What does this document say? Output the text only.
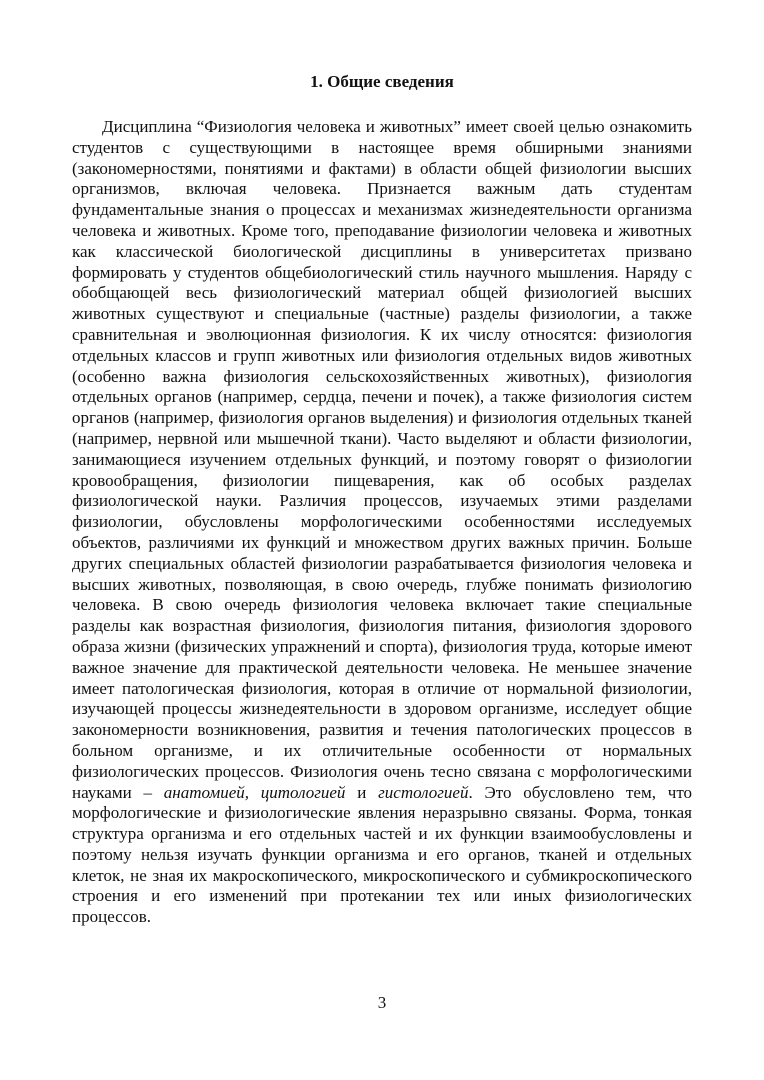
1. Общие сведения

Дисциплина “Физиология человека и животных” имеет своей целью ознакомить студентов с существующими в настоящее время обширными знаниями (закономерностями, понятиями и фактами) в области общей физиологии высших организмов, включая человека. Признается важным дать студентам фундаментальные знания о процессах и механизмах жизнедеятельности организма человека и животных. Кроме того, преподавание физиологии человека и животных как классической биологической дисциплины в университетах призвано формировать у студентов общебиологический стиль научного мышления. Наряду с обобщающей весь физиологический материал общей физиологией высших животных существуют и специальные (частные) разделы физиологии, а также сравнительная и эволюционная физиология. К их числу относятся: физиология отдельных классов и групп животных или физиология отдельных видов животных (особенно важна физиология сельскохозяйственных животных), физиология отдельных органов (например, сердца, печени и почек), а также физиология систем органов (например, физиология органов выделения) и физиология отдельных тканей (например, нервной или мышечной ткани). Часто выделяют и области физиологии, занимающиеся изучением отдельных функций, и поэтому говорят о физиологии кровообращения, физиологии пищеварения, как об особых разделах физиологической науки. Различия процессов, изучаемых этими разделами физиологии, обусловлены морфологическими особенностями исследуемых объектов, различиями их функций и множеством других важных причин. Больше других специальных областей физиологии разрабатывается физиология человека и высших животных, позволяющая, в свою очередь, глубже понимать физиологию человека. В свою очередь физиология человека включает такие специальные разделы как возрастная физиология, физиология питания, физиология здорового образа жизни (физических упражнений и спорта), физиология труда, которые имеют важное значение для практической деятельности человека. Не меньшее значение имеет патологическая физиология, которая в отличие от нормальной физиологии, изучающей процессы жизнедеятельности в здоровом организме, исследует общие закономерности возникновения, развития и течения патологических процессов в больном организме, и их отличительные особенности от нормальных физиологических процессов. Физиология очень тесно связана с морфологическими науками – анатомией, цитологией и гистологией. Это обусловлено тем, что морфологические и физиологические явления неразрывно связаны. Форма, тонкая структура организма и его отдельных частей и их функции взаимообусловлены и поэтому нельзя изучать функции организма и его органов, тканей и отдельных клеток, не зная их макроскопического, микроскопического и субмикроскопического строения и его изменений при протекании тех или иных физиологических процессов.

3
